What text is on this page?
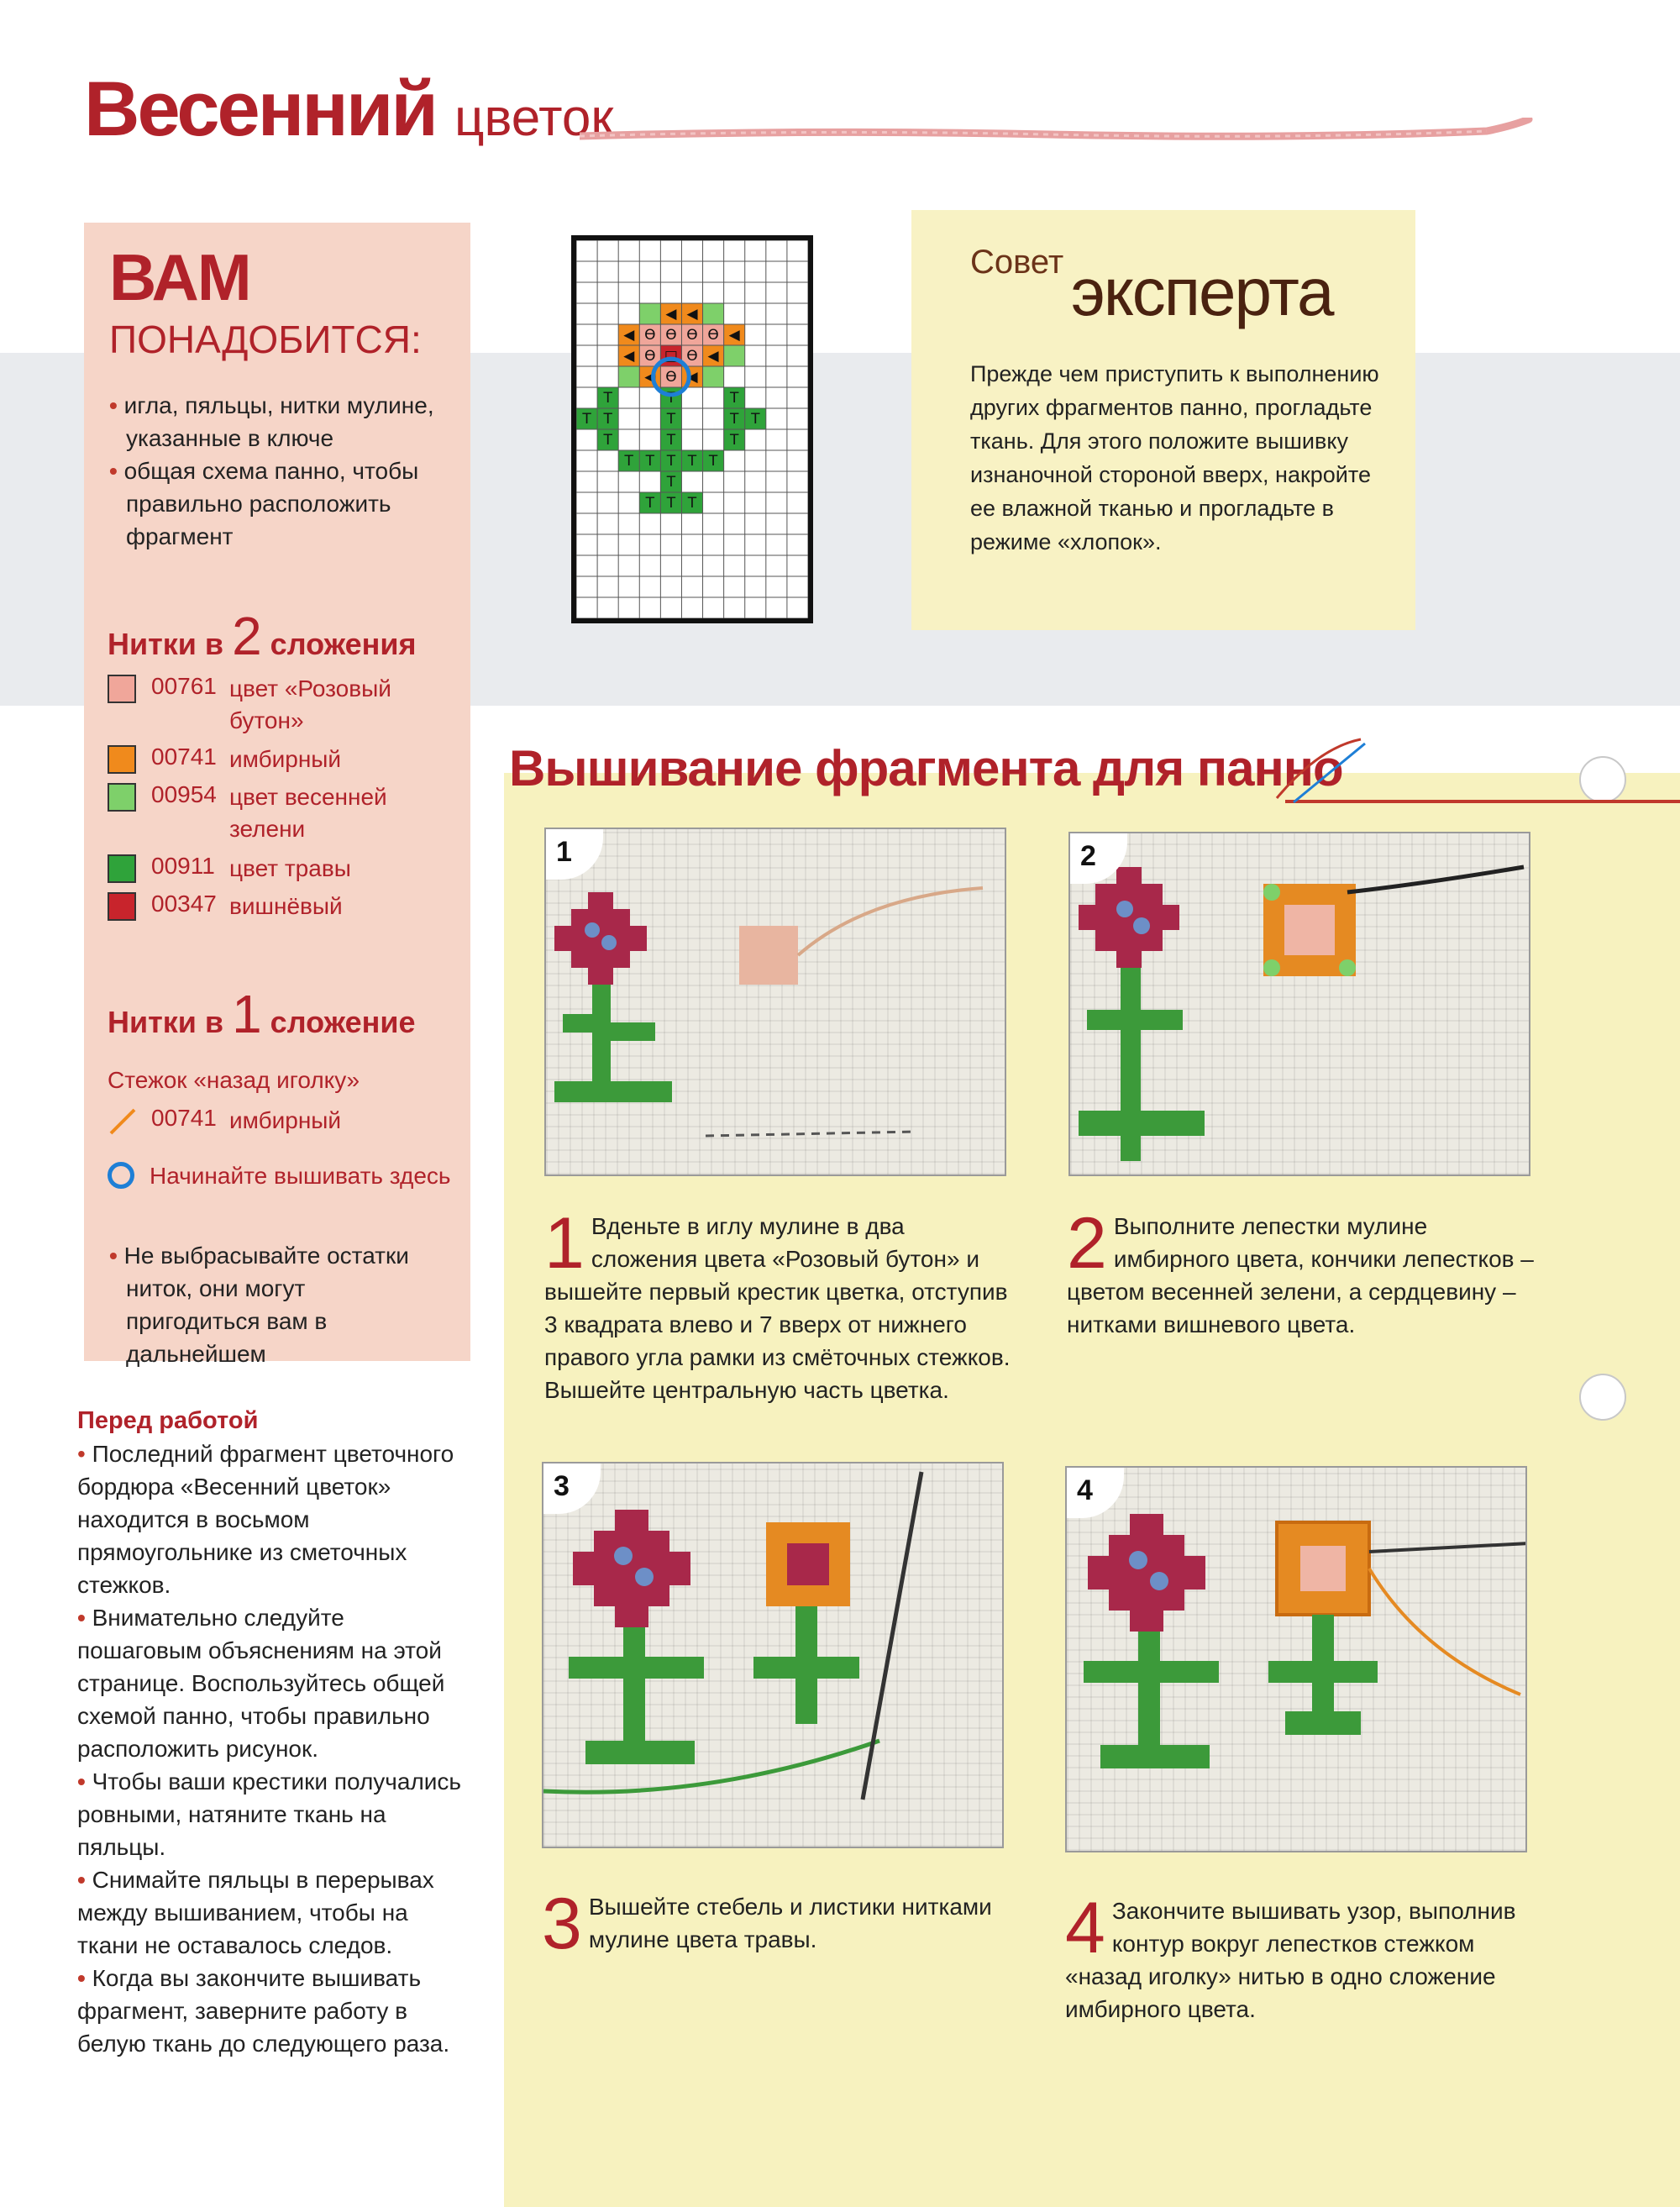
Весенний цветок
ВАМ
ПОНАДОБИТСЯ:
• игла, пяльцы, нитки мулине, указанные в ключе
• общая схема панно, чтобы правильно расположить фрагмент
Нитки в 2 сложения
00761 цвет «Розовый бутон»
00741 имбирный
00954 цвет весенней зелени
00911 цвет травы
00347 вишнёвый
Нитки в 1 сложение
Стежок «назад иголку»
00741 имбирный
Начинайте вышивать здесь
• Не выбрасывайте остатки ниток, они могут пригодиться вам в дальнейшем
Перед работой
• Последний фрагмент цветочного бордюра «Весенний цветок» находится в восьмом прямоугольнике из сметочных стежков.
• Внимательно следуйте пошаговым объяснениям на этой странице. Воспользуйтесь общей схемой панно, чтобы правильно расположить рисунок.
• Чтобы ваши крестики получались ровными, натяните ткань на пяльцы.
• Снимайте пяльцы в перерывах между вышиванием, чтобы на ткани не оставалось следов.
• Когда вы закончите вышивать фрагмент, заверните работу в белую ткань до следующего раза.
◀ ◀
◀ ϴ ϴ ϴ ϴ ◀
◀ ϴ □ ϴ ◀
◀ ϴ ◀
T	T	T
T T	T	T T
T	T	T
T T T T T
T
T T T
Совет эксперта
Прежде чем приступить к выполнению других фрагментов панно, прогладьте ткань. Для этого положите вышивку изнаночной стороной вверх, накройте ее влажной тканью и прогладьте в режиме «хлопок».
Вышивание фрагмента для панно
1	2
3	4
1 Вденьте в иглу мулине в два сложения цвета «Розовый бутон» и вышейте первый крестик цветка, отступив 3 квадрата влево и 7 вверх от нижнего правого угла рамки из смёточных стежков. Вышейте центральную часть цветка.
2 Выполните лепестки мулине имбирного цвета, кончики лепестков – цветом весенней зелени, а сердцевину – нитками вишневого цвета.
3 Вышейте стебель и листики нитками мулине цвета травы.	4 Закончите вышивать узор, выполнив контур вокруг лепестков стежком «назад иголку» нитью в одно сложение имбирного цвета.
